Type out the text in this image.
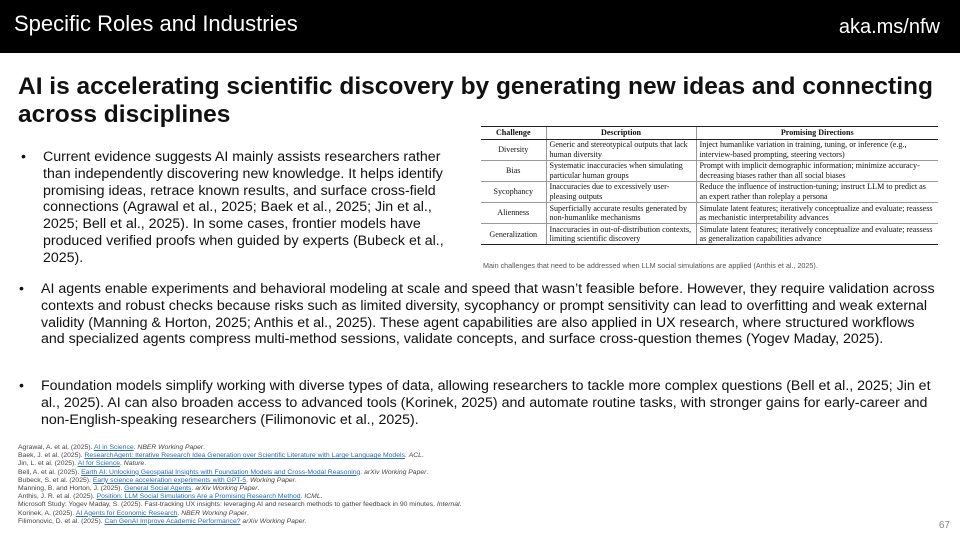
Specific Roles and Industries	aka.ms/nfw
AI is accelerating scientific discovery by generating new ideas and connecting across disciplines
• Current evidence suggests AI mainly assists researchers rather than independently discovering new knowledge. It helps identify promising ideas, retrace known results, and surface cross-field connections (Agrawal et al., 2025; Baek et al., 2025; Jin et al., 2025; Bell et al., 2025). In some cases, frontier models have produced verified proofs when guided by experts (Bubeck et al., 2025).
Challenge	Description	Promising Directions
Diversity	Generic and stereotypical outputs that lack human diversity	Inject humanlike variation in training, tuning, or inference (e.g., interview-based prompting, steering vectors)
Bias	Systematic inaccuracies when simulating particular human groups	Prompt with implicit demographic information; minimize accuracy-decreasing biases rather than all social biases
Sycophancy	Inaccuracies due to excessively user-pleasing outputs	Reduce the influence of instruction-tuning; instruct LLM to predict as an expert rather than roleplay a persona
Alienness	Superficially accurate results generated by non-humanlike mechanisms	Simulate latent features; iteratively conceptualize and evaluate; reassess as mechanistic interpretability advances
Generalization	Inaccuracies in out-of-distribution contexts, limiting scientific discovery	Simulate latent features; iteratively conceptualize and evaluate; reassess as generalization capabilities advance
Main challenges that need to be addressed when LLM social simulations are applied (Anthis et al., 2025).
• AI agents enable experiments and behavioral modeling at scale and speed that wasn’t feasible before. However, they require validation across contexts and robust checks because risks such as limited diversity, sycophancy or prompt sensitivity can lead to overfitting and weak external validity (Manning & Horton, 2025; Anthis et al., 2025). These agent capabilities are also applied in UX research, where structured workflows and specialized agents compress multi-method sessions, validate concepts, and surface cross-question themes (Yogev Maday, 2025).
• Foundation models simplify working with diverse types of data, allowing researchers to tackle more complex questions (Bell et al., 2025; Jin et al., 2025). AI can also broaden access to advanced tools (Korinek, 2025) and automate routine tasks, with stronger gains for early-career and non-English-speaking researchers (Filimonovic et al., 2025).
Agrawal, A. et al. (2025). AI in Science. NBER Working Paper.
Baek, J. et al. (2025). ResearchAgent: Iterative Research Idea Generation over Scientific Literature with Large Language Models. ACL.
Jin, L. et al. (2025). AI for Science. Nature.
Bell, A. et al. (2025). Earth AI: Unlocking Geospatial Insights with Foundation Models and Cross-Modal Reasoning. arXiv Working Paper.
Bubeck, S. et al. (2025). Early science acceleration experiments with GPT-5. Working Paper.
Manning, B. and Horton, J. (2025). General Social Agents. arXiv Working Paper.
Anthis, J. R. et al. (2025). Position: LLM Social Simulations Are a Promising Research Method. ICML.
Microsoft Study: Yogev Maday, S. (2025). Fast-tracking UX insights: leveraging AI and research methods to gather feedback in 90 minutes. Internal.
Korinek, A. (2025). AI Agents for Economic Research. NBER Working Paper.
Filimonovic, D. et al. (2025). Can GenAI Improve Academic Performance? arXiv Working Paper.	67
